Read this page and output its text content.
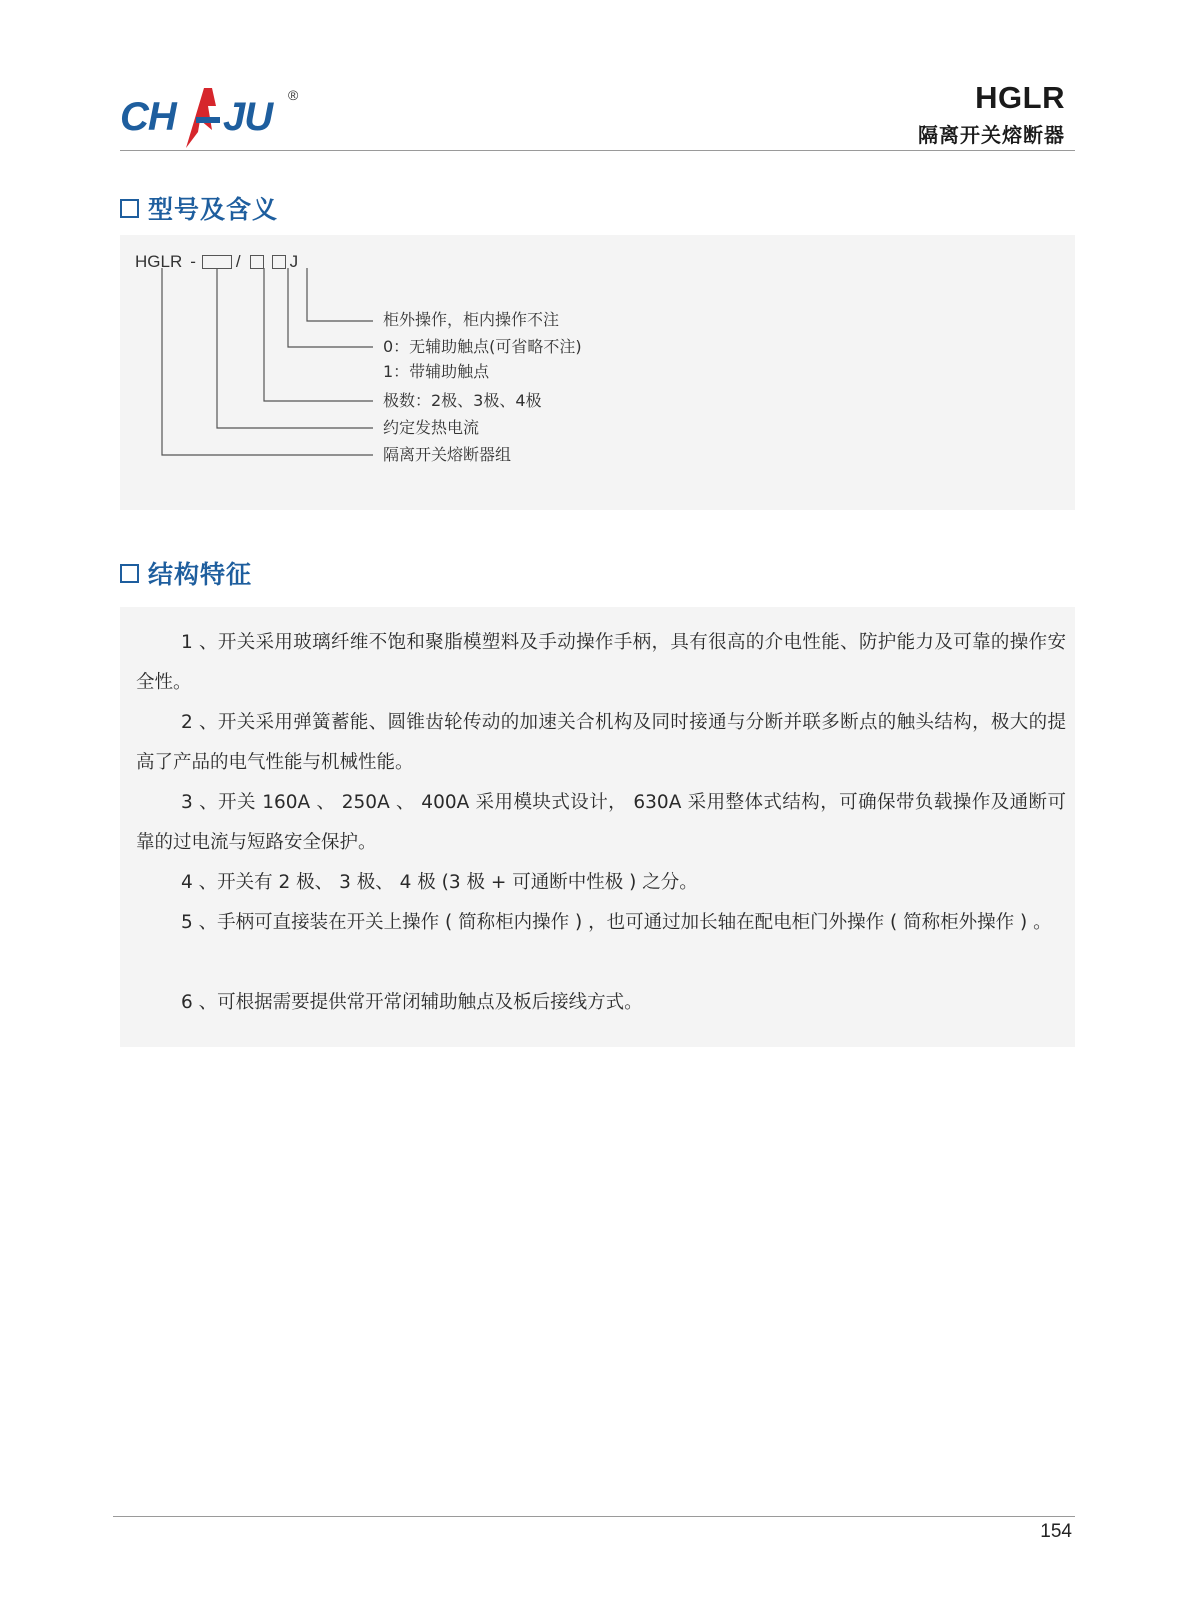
CH JU ®	HGLR
隔离开关熔断器
型号及含义
HGLR - /	J
柜外操作，柜内操作不注
0：无辅助触点(可省略不注)
1：带辅助触点
极数：2极、3极、4极
约定发热电流
隔离开关熔断器组
结构特征
1 、开关采用玻璃纤维不饱和聚脂模塑料及手动操作手柄，具有很高的介电性能、防护能力及可靠的操作安全性。
2 、开关采用弹簧蓄能、圆锥齿轮传动的加速关合机构及同时接通与分断并联多断点的触头结构，极大的提高了产品的电气性能与机械性能。
3 、开关 160A 、 250A 、 400A 采用模块式设计， 630A 采用整体式结构，可确保带负载操作及通断可靠的过电流与短路安全保护。
4 、开关有 2 极、 3 极、 4 极 (3 极 + 可通断中性极 ) 之分。
5 、手柄可直接装在开关上操作 ( 简称柜内操作 ) ，也可通过加长轴在配电柜门外操作 ( 简称柜外操作 ) 。
6 、可根据需要提供常开常闭辅助触点及板后接线方式。
154
